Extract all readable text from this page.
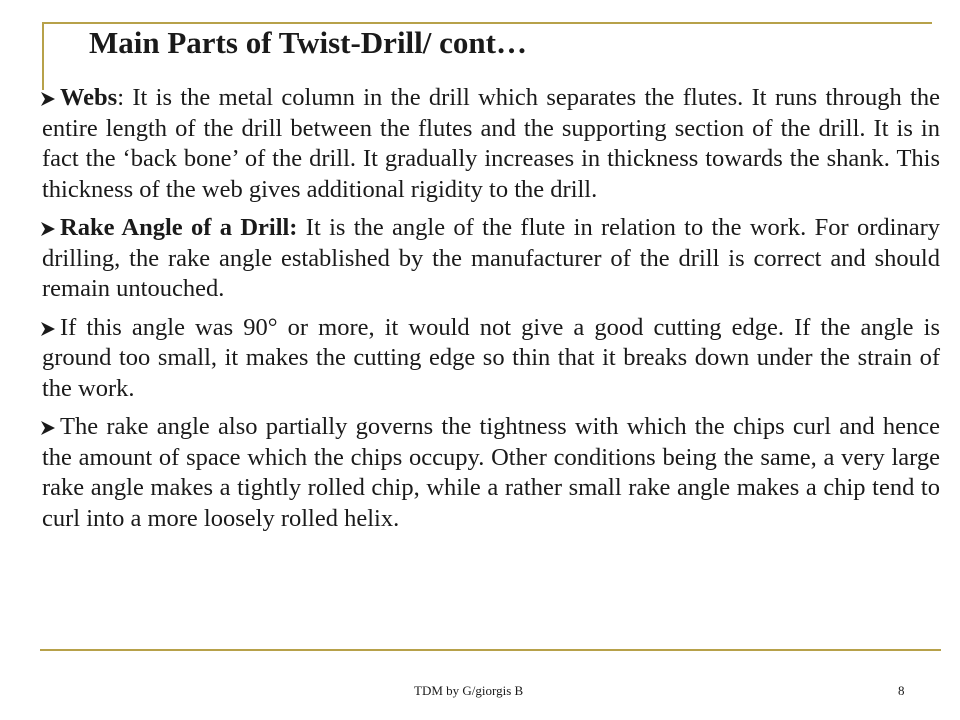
Main Parts of Twist-Drill/ cont…
Webs: It is the metal column in the drill which separates the flutes. It runs through the entire length of the drill between the flutes and the supporting section of the drill. It is in fact the ‘back bone’ of the drill. It gradually increases in thickness towards the shank. This thickness of the web gives additional rigidity to the drill.
Rake Angle of a Drill: It is the angle of the flute in relation to the work. For ordinary drilling, the rake angle established by the manufacturer of the drill is correct and should remain untouched.
If this angle was 90° or more, it would not give a good cutting edge. If the angle is ground too small, it makes the cutting edge so thin that it breaks down under the strain of the work.
The rake angle also partially governs the tightness with which the chips curl and hence the amount of space which the chips occupy. Other conditions being the same, a very large rake angle makes a tightly rolled chip, while a rather small rake angle makes a chip tend to curl into a more loosely rolled helix.
TDM by G/giorgis B	8
